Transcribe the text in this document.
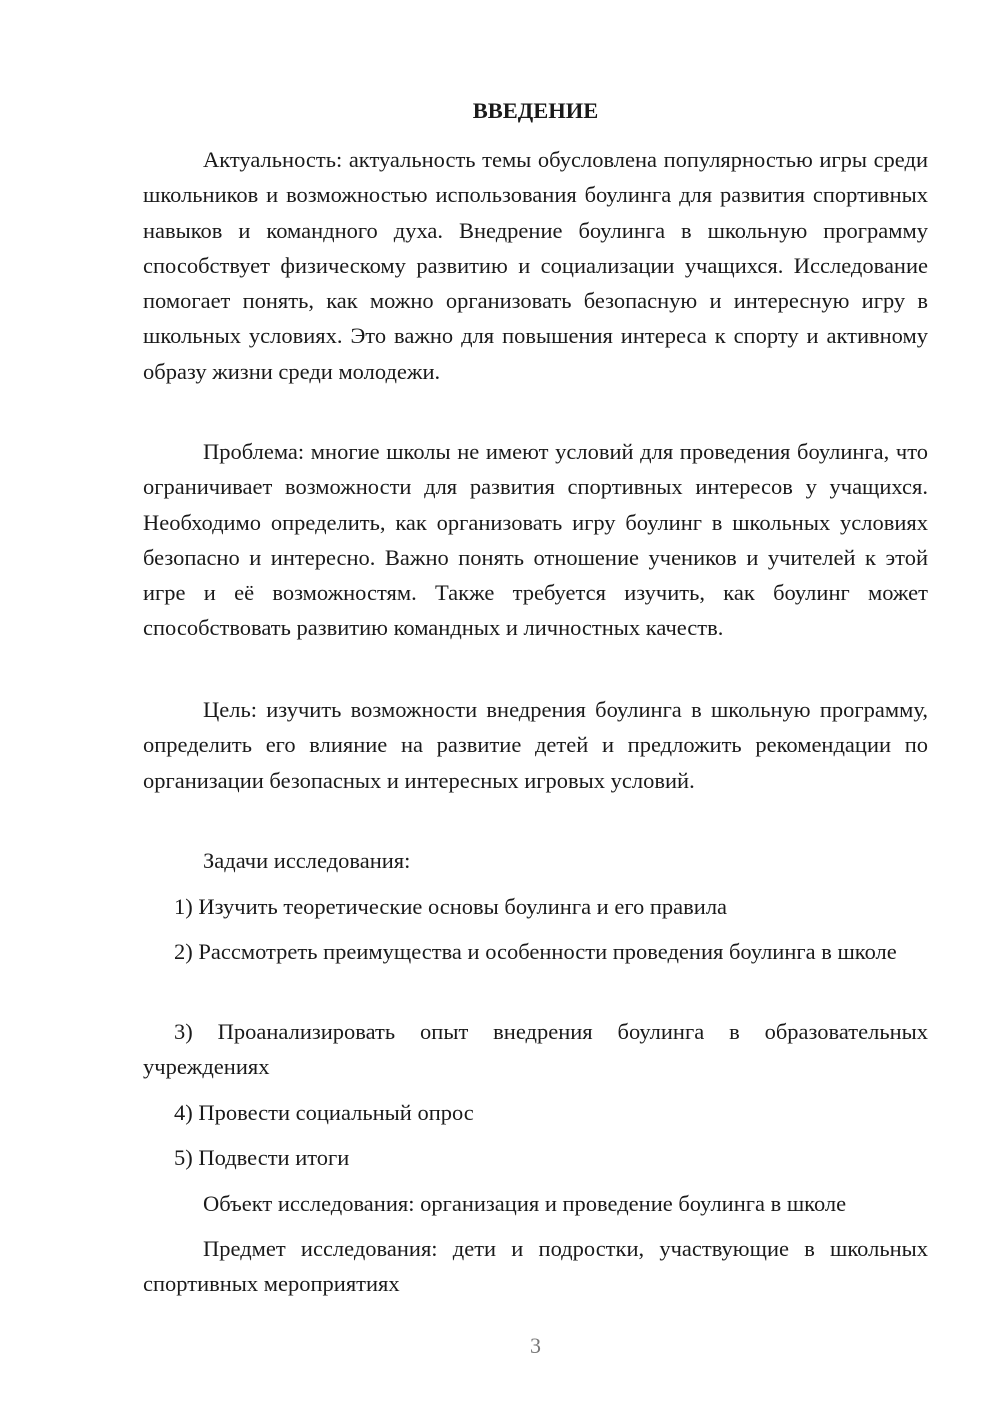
ВВЕДЕНИЕ

Актуальность: актуальность темы обусловлена популярностью игры среди школьников и возможностью использования боулинга для развития спортивных навыков и командного духа. Внедрение боулинга в школьную программу способствует физическому развитию и социализации учащихся. Исследование помогает понять, как можно организовать безопасную и интересную игру в школьных условиях. Это важно для повышения интереса к спорту и активному образу жизни среди молодежи.

Проблема: многие школы не имеют условий для проведения боулинга, что ограничивает возможности для развития спортивных интересов у учащихся. Необходимо определить, как организовать игру боулинг в школьных условиях безопасно и интересно. Важно понять отношение учеников и учителей к этой игре и её возможностям. Также требуется изучить, как боулинг может способствовать развитию командных и личностных качеств.

Цель: изучить возможности внедрения боулинга в школьную программу, определить его влияние на развитие детей и предложить рекомендации по организации безопасных и интересных игровых условий.

Задачи исследования:

1) Изучить теоретические основы боулинга и его правила

2) Рассмотреть преимущества и особенности проведения боулинга в школе

3) Проанализировать опыт внедрения боулинга в образовательных учреждениях

4) Провести социальный опрос

5) Подвести итоги

Объект исследования: организация и проведение боулинга в школе

Предмет исследования: дети и подростки, участвующие в школьных спортивных мероприятиях

3
